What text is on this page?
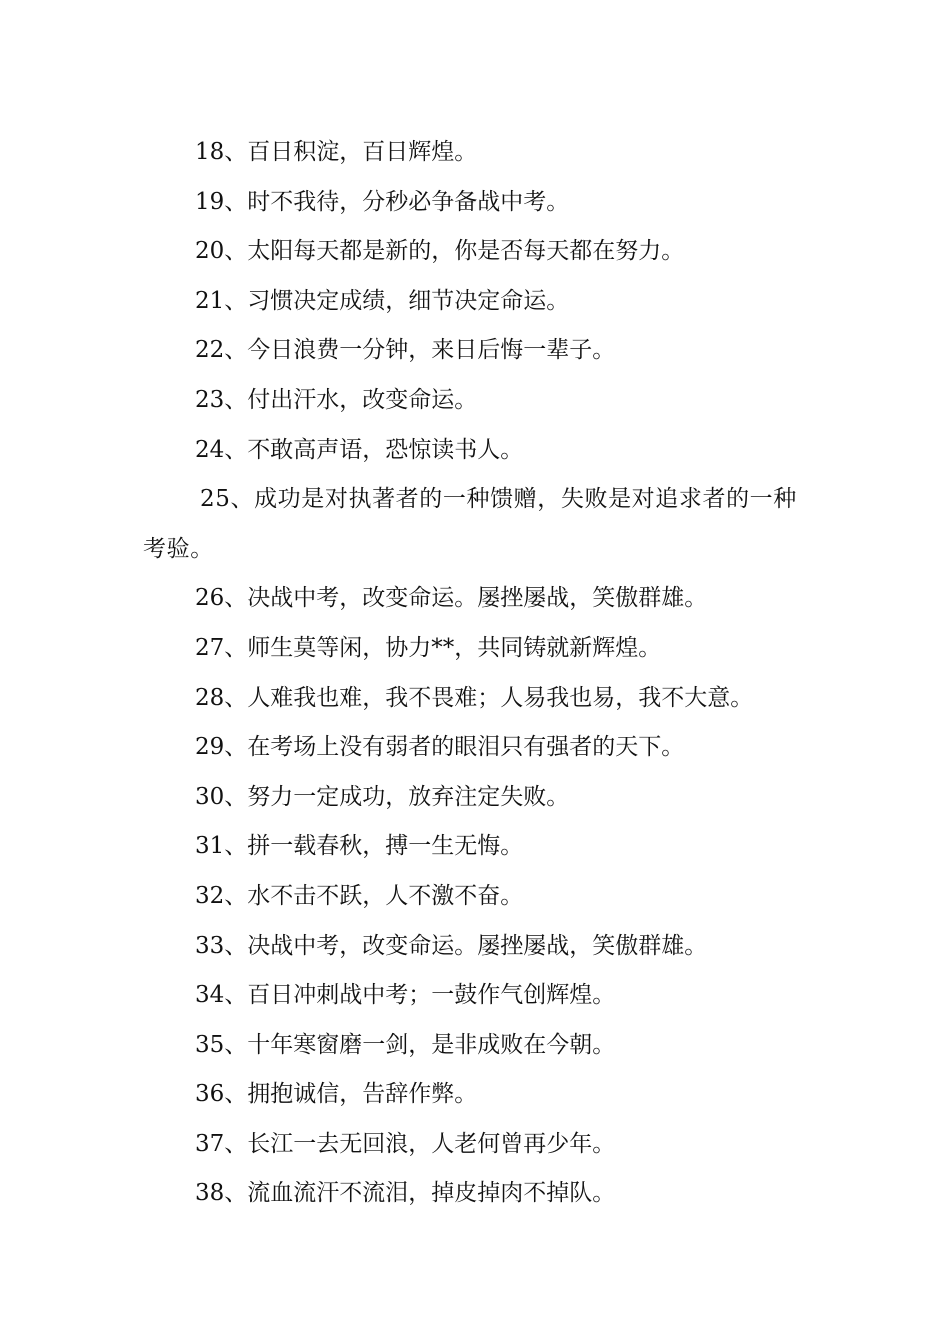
18、百日积淀，百日辉煌。
19、时不我待，分秒必争备战中考。
20、太阳每天都是新的，你是否每天都在努力。
21、习惯决定成绩，细节决定命运。
22、今日浪费一分钟，来日后悔一辈子。
23、付出汗水，改变命运。
24、不敢高声语，恐惊读书人。
25、成功是对执著者的一种馈赠，失败是对追求者的一种考验。
26、决战中考，改变命运。屡挫屡战，笑傲群雄。
27、师生莫等闲，协力**，共同铸就新辉煌。
28、人难我也难，我不畏难；人易我也易，我不大意。
29、在考场上没有弱者的眼泪只有强者的天下。
30、努力一定成功，放弃注定失败。
31、拼一载春秋，搏一生无悔。
32、水不击不跃，人不激不奋。
33、决战中考，改变命运。屡挫屡战，笑傲群雄。
34、百日冲刺战中考；一鼓作气创辉煌。
35、十年寒窗磨一剑，是非成败在今朝。
36、拥抱诚信，告辞作弊。
37、长江一去无回浪，人老何曾再少年。
38、流血流汗不流泪，掉皮掉肉不掉队。
